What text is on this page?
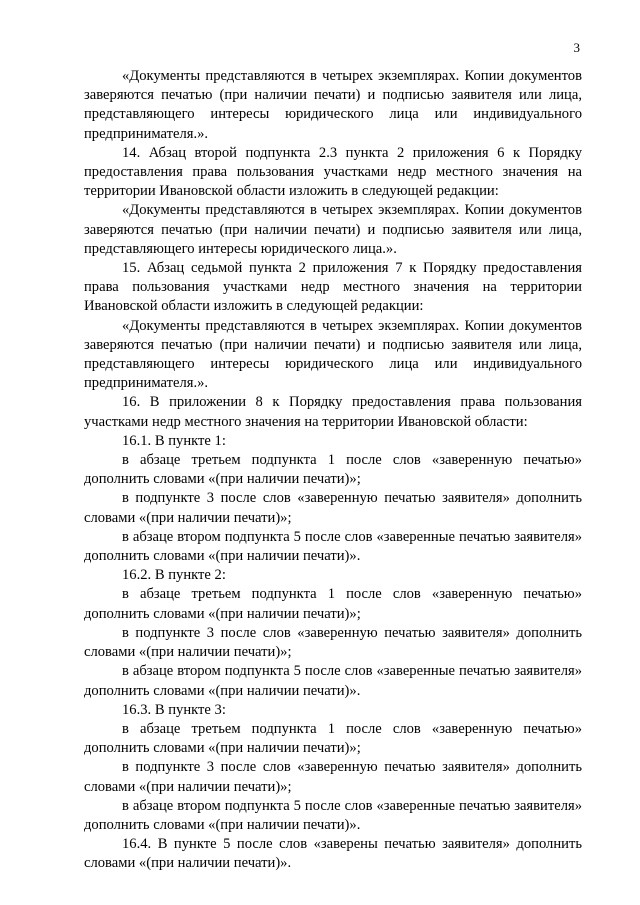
3

«Документы представляются в четырех экземплярах. Копии документов заверяются печатью (при наличии печати) и подписью заявителя или лица, представляющего интересы юридического лица или индивидуального предпринимателя.».

14. Абзац второй подпункта 2.3 пункта 2 приложения 6 к Порядку предоставления права пользования участками недр местного значения на территории Ивановской области изложить в следующей редакции:

«Документы представляются в четырех экземплярах. Копии документов заверяются печатью (при наличии печати) и подписью заявителя или лица, представляющего интересы юридического лица.».

15. Абзац седьмой пункта 2 приложения 7 к Порядку предоставления права пользования участками недр местного значения на территории Ивановской области изложить в следующей редакции:

«Документы представляются в четырех экземплярах. Копии документов заверяются печатью (при наличии печати) и подписью заявителя или лица, представляющего интересы юридического лица или индивидуального предпринимателя.».

16. В приложении 8 к Порядку предоставления права пользования участками недр местного значения на территории Ивановской области:

16.1. В пункте 1:

в абзаце третьем подпункта 1 после слов «заверенную печатью» дополнить словами «(при наличии печати)»;

в подпункте 3 после слов «заверенную печатью заявителя» дополнить словами «(при наличии печати)»;

в абзаце втором подпункта 5 после слов «заверенные печатью заявителя» дополнить словами «(при наличии печати)».

16.2. В пункте 2:

в абзаце третьем подпункта 1 после слов «заверенную печатью» дополнить словами «(при наличии печати)»;

в подпункте 3 после слов «заверенную печатью заявителя» дополнить словами «(при наличии печати)»;

в абзаце втором подпункта 5 после слов «заверенные печатью заявителя» дополнить словами «(при наличии печати)».

16.3. В пункте 3:

в абзаце третьем подпункта 1 после слов «заверенную печатью» дополнить словами «(при наличии печати)»;

в подпункте 3 после слов «заверенную печатью заявителя» дополнить словами «(при наличии печати)»;

в абзаце втором подпункта 5 после слов «заверенные печатью заявителя» дополнить словами «(при наличии печати)».

16.4. В пункте 5 после слов «заверены печатью заявителя» дополнить словами «(при наличии печати)».
